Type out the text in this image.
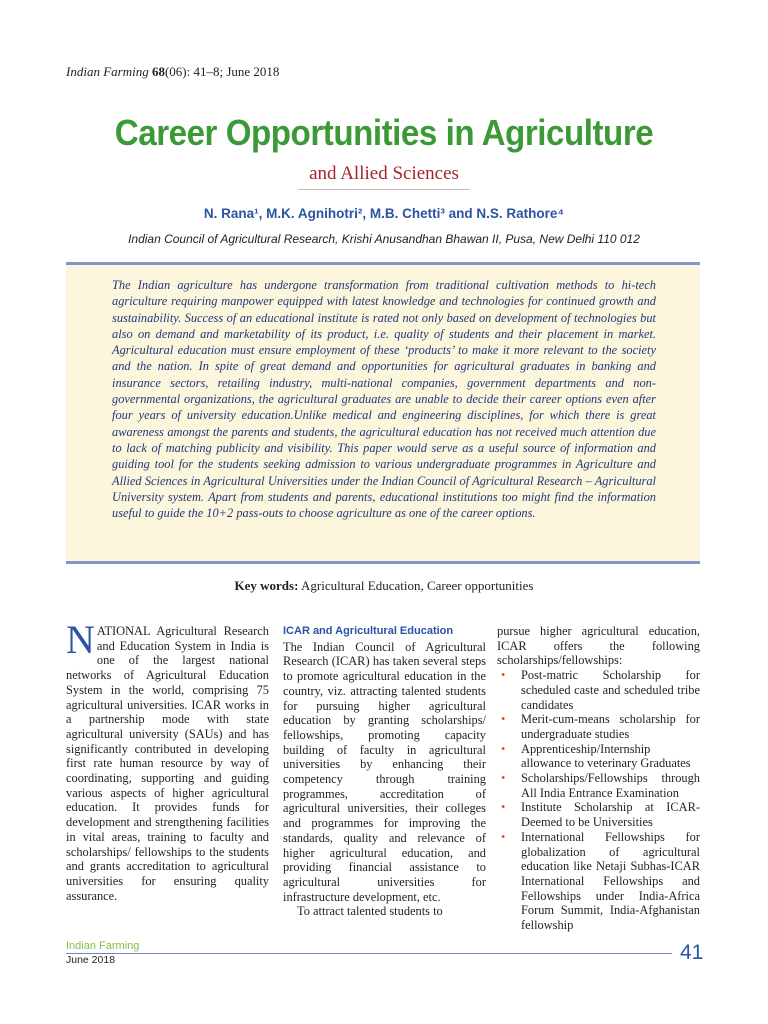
Indian Farming 68(06): 41–8; June 2018
Career Opportunities in Agriculture
and Allied Sciences
N. Rana¹, M.K. Agnihotri², M.B. Chetti³ and N.S. Rathore⁴
Indian Council of Agricultural Research, Krishi Anusandhan Bhawan II, Pusa, New Delhi 110 012

The Indian agriculture has undergone transformation from traditional cultivation methods to hi-tech agriculture requiring manpower equipped with latest knowledge and technologies for continued growth and sustainability. Success of an educational institute is rated not only based on development of technologies but also on demand and marketability of its product, i.e. quality of students and their placement in market. Agricultural education must ensure employment of these ‘products’ to make it more relevant to the society and the nation. In spite of great demand and opportunities for agricultural graduates in banking and insurance sectors, retailing industry, multi-national companies, government departments and non-governmental organizations, the agricultural graduates are unable to decide their career options even after four years of university education.Unlike medical and engineering disciplines, for which there is great awareness amongst the parents and students, the agricultural education has not received much attention due to lack of matching publicity and visibility. This paper would serve as a useful source of information and guiding tool for the students seeking admission to various undergraduate programmes in Agriculture and Allied Sciences in Agricultural Universities under the Indian Council of Agricultural Research – Agricultural University system. Apart from students and parents, educational institutions too might find the information useful to guide the 10+2 pass-outs to choose agriculture as one of the career options.

Key words: Agricultural Education, Career opportunities

NATIONAL Agricultural Research and Education System in India is one of the largest national networks of Agricultural Education System in the world, comprising 75 agricultural universities. ICAR works in a partnership mode with state agricultural university (SAUs) and has significantly contributed in developing first rate human resource by way of coordinating, supporting and guiding various aspects of higher agricultural education. It provides funds for development and strengthening facilities in vital areas, training to faculty and scholarships/ fellowships to the students and grants accreditation to agricultural universities for ensuring quality assurance.

ICAR and Agricultural Education

The Indian Council of Agricultural Research (ICAR) has taken several steps to promote agricultural education in the country, viz. attracting talented students for pursuing higher agricultural education by granting scholarships/ fellowships, promoting capacity building of faculty in agricultural universities by enhancing their competency through training programmes, accreditation of agricultural universities, their colleges and programmes for improving the standards, quality and relevance of higher agricultural education, and providing financial assistance to agricultural universities for infrastructure development, etc.

To attract talented students to

pursue higher agricultural education, ICAR offers the following scholarships/fellowships:

• Post-matric Scholarship for scheduled caste and scheduled tribe candidates
• Merit-cum-means scholarship for undergraduate studies
• Apprenticeship/Internship allowance to veterinary Graduates
• Scholarships/Fellowships through All India Entrance Examination
• Institute Scholarship at ICAR-Deemed to be Universities
• International Fellowships for globalization of agricultural education like Netaji Subhas-ICAR International Fellowships and Fellowships under India-Africa Forum Summit, India-Afghanistan fellowship
Indian Farming
June 2018	41
